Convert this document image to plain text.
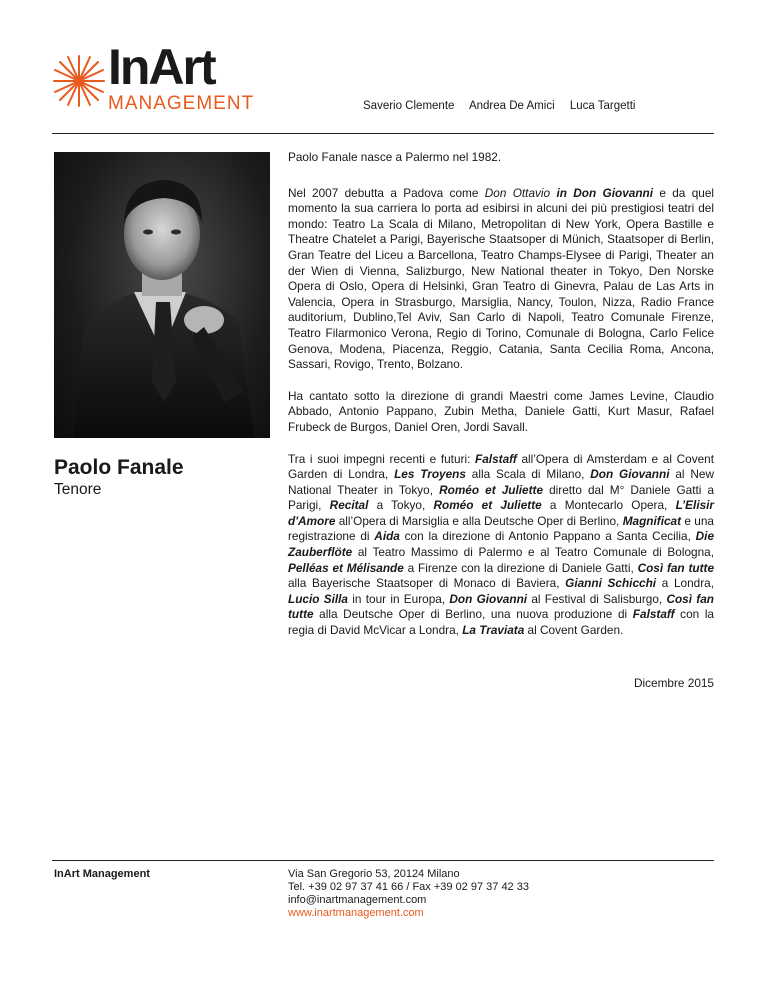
InArt
MANAGEMENT	Saverio Clemente Andrea De Amici Luca Targetti
Paolo Fanale
Tenore

Paolo Fanale nasce a Palermo nel 1982.

Nel 2007 debutta a Padova come Don Ottavio in Don Giovanni e da quel momento la sua carriera lo porta ad esibirsi in alcuni dei più prestigiosi teatri del mondo: Teatro La Scala di Milano, Metropolitan di New York, Opera Bastille e Theatre Chatelet a Parigi, Bayerische Staatsoper di Münich, Staatsoper di Berlin, Gran Teatre del Liceu a Barcellona, Teatro Champs-Elysee di Parigi, Theater an der Wien di Vienna, Salizburgo, New National theater in Tokyo, Den Norske Opera di Oslo, Opera di Helsinki, Gran Teatro di Ginevra, Palau de Las Arts in Valencia, Opera in Strasburgo, Marsiglia, Nancy, Toulon, Nizza, Radio France auditorium, Dublino,Tel Aviv, San Carlo di Napoli, Teatro Comunale Firenze, Teatro Filarmonico Verona, Regio di Torino, Comunale di Bologna, Carlo Felice Genova, Modena, Piacenza, Reggio, Catania, Santa Cecilia Roma, Ancona, Sassari, Rovigo, Trento, Bolzano.

Ha cantato sotto la direzione di grandi Maestri come James Levine, Claudio Abbado, Antonio Pappano, Zubin Metha, Daniele Gatti, Kurt Masur, Rafael Frubeck de Burgos, Daniel Oren, Jordi Savall.

Tra i suoi impegni recenti e futuri: Falstaff all’Opera di Amsterdam e al Covent Garden di Londra, Les Troyens alla Scala di Milano, Don Giovanni al New National Theater in Tokyo, Roméo et Juliette diretto dal M° Daniele Gatti a Parigi, Recital a Tokyo, Roméo et Juliette a Montecarlo Opera, L’Elisir d'Amore all’Opera di Marsiglia e alla Deutsche Oper di Berlino, Magnificat e una registrazione di Aida con la direzione di Antonio Pappano a Santa Cecilia, Die Zauberflöte al Teatro Massimo di Palermo e al Teatro Comunale di Bologna, Pelléas et Mélisande a Firenze con la direzione di Daniele Gatti, Così fan tutte alla Bayerische Staatsoper di Monaco di Baviera, Gianni Schicchi a Londra, Lucio Silla in tour in Europa, Don Giovanni al Festival di Salisburgo, Così fan tutte alla Deutsche Oper di Berlino, una nuova produzione di Falstaff con la regia di David McVicar a Londra, La Traviata al Covent Garden.

Dicembre 2015
InArt Management	Via San Gregorio 53, 20124 Milano
Tel. +39 02 97 37 41 66 / Fax +39 02 97 37 42 33
info@inartmanagement.com
www.inartmanagement.com
